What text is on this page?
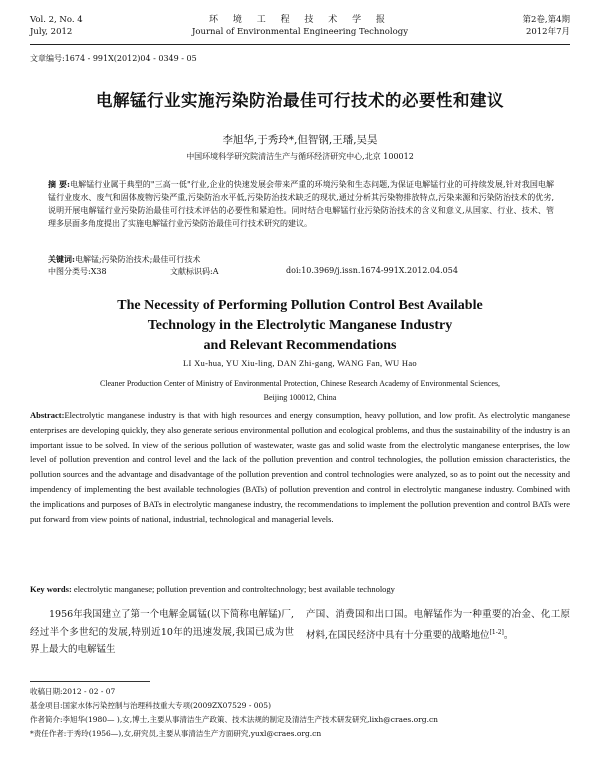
Vol. 2, No. 4
July, 2012
环 境 工 程 技 术 学 报
Journal of Environmental Engineering Technology
第2卷,第4期
2012年7月
文章编号:1674 - 991X(2012)04 - 0349 - 05
电解锰行业实施污染防治最佳可行技术的必要性和建议
李旭华,于秀玲*,但智钢,王璠,吴昊
中国环境科学研究院清洁生产与循环经济研究中心,北京 100012
摘 要:电解锰行业属于典型的"三高一低"行业,企业的快速发展会带来严重的环境污染和生态问题,为保证电解锰行业的可持续发展,针对我国电解锰行业废水、废气和固体废物污染严重,污染防治水平低,污染防治技术缺乏的现状,通过分析其污染物排放特点,污染来源和污染防治技术的优劣,说明开展电解锰行业污染防治最佳可行技术评估的必要性和紧迫性。同时结合电解锰行业污染防治技术的含义和意义,从国家、行业、技术、管理多层面多角度提出了实施电解锰行业污染防治最佳可行技术研究的建议。
关键词:电解锰;污染防治技术;最佳可行技术
中图分类号:X38	文献标识码:A	doi:10.3969/j.issn.1674-991X.2012.04.054
The Necessity of Performing Pollution Control Best Available
Technology in the Electrolytic Manganese Industry
and Relevant Recommendations
LI Xu-hua, YU Xiu-ling, DAN Zhi-gang, WANG Fan, WU Hao
Cleaner Production Center of Ministry of Environmental Protection, Chinese Research Academy of Environmental Sciences,
Beijing 100012, China
Abstract:Electrolytic manganese industry is that with high resources and energy consumption, heavy pollution, and low profit. As electrolytic manganese enterprises are developing quickly, they also generate serious environmental pollution and ecological problems, and thus the sustainability of the industry is an important issue to be solved. In view of the serious pollution of wastewater, waste gas and solid waste from the electrolytic manganese enterprises, the low level of pollution prevention and control level and the lack of the pollution prevention and control technologies, the pollution emission characteristics, the pollution sources and the advantage and disadvantage of the pollution prevention and control technologies were analyzed, so as to point out the necessity and impendency of implementing the best available technologies (BATs) of pollution prevention and control in electrolytic manganese industry. Combined with the implications and purposes of BATs in electrolytic manganese industry, the recommendations to implement the pollution prevention and control BATs were put forward from view points of national, industrial, technological and managerial levels.
Key words: electrolytic manganese; pollution prevention and controltechnology; best available technology
1956年我国建立了第一个电解金属锰(以下简称电解锰)厂,经过半个多世纪的发展,特别近10年的迅速发展,我国已成为世界上最大的电解锰生
产国、消费国和出口国。电解锰作为一种重要的冶金、化工原材料,在国民经济中具有十分重要的战略地位[1-2]。
收稿日期:2012 - 02 - 07
基金项目:国家水体污染控制与治理科技重大专项(2009ZX07529 - 005)
作者简介:李旭华(1980— ),女,博士,主要从事清洁生产政策、技术法规的制定及清洁生产技术研发研究,lixh@craes.org.cn
*责任作者:于秀玲(1956—),女,研究员,主要从事清洁生产方面研究,yuxl@craes.org.cn
